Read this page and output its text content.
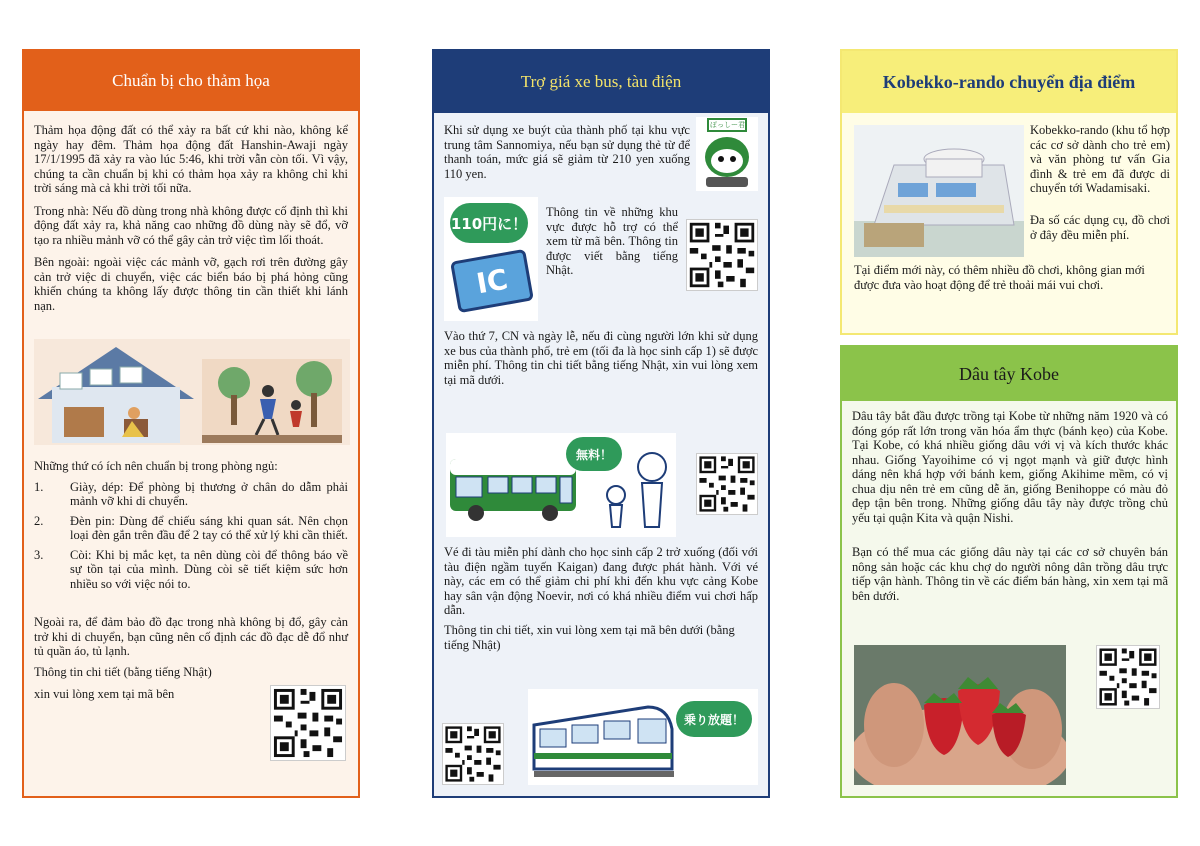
Chuẩn bị cho thảm họa

Thảm họa động đất có thể xảy ra bất cứ khi nào, không kể ngày hay đêm. Thảm họa động đất Hanshin-Awaji ngày 17/1/1995 đã xảy ra vào lúc 5:46, khi trời vẫn còn tối. Vì vậy, chúng ta cần chuẩn bị khi có thảm họa xảy ra không chỉ khi trời sáng mà cả khi trời tối nữa.

Trong nhà: Nếu đồ dùng trong nhà không được cố định thì khi động đất xảy ra, khả năng cao những đồ dùng này sẽ đổ, vỡ tạo ra nhiều mảnh vỡ có thể gây cản trở việc tìm lối thoát.

Bên ngoài: ngoài việc các mảnh vỡ, gạch rơi trên đường gây cản trở việc di chuyển, việc các biển báo bị phá hỏng cũng khiến chúng ta không lấy được thông tin cần thiết khi lánh nạn.

Những thứ có ích nên chuẩn bị trong phòng ngủ:

1.	Giày, dép: Để phòng bị thương ở chân do dẫm phải mảnh vỡ khi di chuyển.
2.	Đèn pin: Dùng để chiếu sáng khi quan sát. Nên chọn loại đèn gắn trên đầu để 2 tay có thể xử lý khi cần thiết.
3.	Còi: Khi bị mắc kẹt, ta nên dùng còi để thông báo về sự tồn tại của mình. Dùng còi sẽ tiết kiệm sức hơn nhiều so với việc nói to.

Ngoài ra, để đảm bảo đồ đạc trong nhà không bị đổ, gây cản trở khi di chuyển, bạn cũng nên cố định các đồ đạc dễ đổ như tủ quần áo, tủ lạnh.

Thông tin chi tiết (bằng tiếng Nhật)

xin vui lòng xem tại mã bên

Trợ giá xe bus, tàu điện

Khi sử dụng xe buýt của thành phố tại khu vực trung tâm Sannomiya, nếu bạn sử dụng thẻ từ để thanh toán, mức giá sẽ giảm từ 210 yen xuống 110 yen.

ぽっしー君
110円に！
IC

Thông tin về những khu vực được hỗ trợ có thể xem từ mã bên. Thông tin được viết bằng tiếng Nhật.

Vào thứ 7, CN và ngày lễ, nếu đi cùng người lớn khi sử dụng xe bus của thành phố, trẻ em (tối đa là học sinh cấp 1) sẽ được miễn phí. Thông tin chi tiết bằng tiếng Nhật, xin vui lòng xem tại mã dưới.

無料！

Vé đi tàu miễn phí dành cho học sinh cấp 2 trở xuống (đối với tàu điện ngầm tuyến Kaigan) đang được phát hành. Với vé này, các em có thể giảm chi phí khi đến khu vực cảng Kobe hay sân vận động Noevir, nơi có khá nhiều điểm vui chơi hấp dẫn.

Thông tin chi tiết, xin vui lòng xem tại mã bên dưới (bằng tiếng Nhật)

乗り放題！
Kobekko-rando chuyển địa điểm

Kobekko-rando (khu tổ hợp các cơ sở dành cho trẻ em) và văn phòng tư vấn Gia đình & trẻ em đã được di chuyển tới Wadamisaki.

Đa số các dụng cụ, đồ chơi ở đây đều miễn phí.

Tại điểm mới này, có thêm nhiều đồ chơi, không gian mới được đưa vào hoạt động để trẻ thoải mái vui chơi.

Dâu tây Kobe

Dâu tây bắt đầu được trồng tại Kobe từ những năm 1920 và có đóng góp rất lớn trong văn hóa ẩm thực (bánh kẹo) của Kobe. Tại Kobe, có khá nhiều giống dâu với vị và kích thước khác nhau. Giống Yayoihime có vị ngọt mạnh và giữ được hình dáng nên khá hợp với bánh kem, giống Akihime mềm, có vị chua dịu nên trẻ em cũng dễ ăn, giống Benihoppe có màu đỏ đẹp tận bên trong. Những giống dâu tây này được trồng chủ yếu tại quận Kita và quận Nishi.

Bạn có thể mua các giống dâu này tại các cơ sở chuyên bán nông sản hoặc các khu chợ do người nông dân trồng dâu trực tiếp vận hành. Thông tin về các điểm bán hàng, xin xem tại mã bên dưới.
